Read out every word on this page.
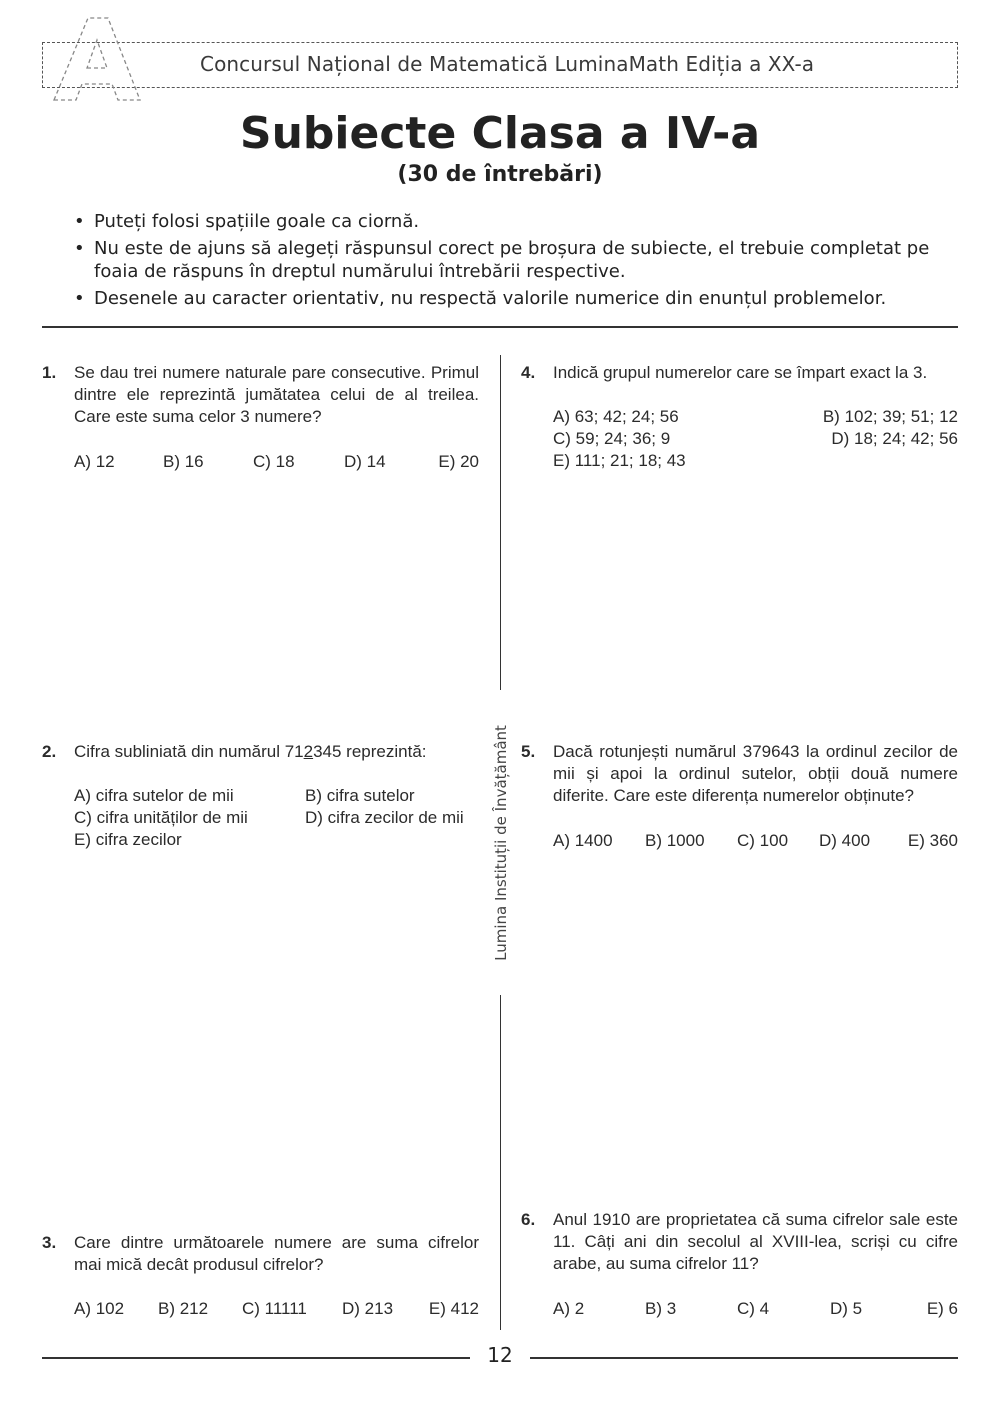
Concursul Național de Matematică LuminaMath Ediția a XX-a
Subiecte Clasa a IV-a
(30 de întrebări)
• Puteți folosi spațiile goale ca ciornă.
• Nu este de ajuns să alegeți răspunsul corect pe broșura de subiecte, el trebuie completat pe foaia de răspuns în dreptul numărului întrebării respective.
• Desenele au caracter orientativ, nu respectă valorile numerice din enunțul problemelor.
Lumina Instituții de Învățământ
1. Se dau trei numere naturale pare consecutive. Primul dintre ele reprezintă jumătatea celui de al treilea. Care este suma celor 3 numere?
A) 12	B) 16	C) 18	D) 14	E) 20
4. Indică grupul numerelor care se împart exact la 3.
A) 63; 42; 24; 56	B) 102; 39; 51; 12
C) 59; 24; 36; 9	D) 18; 24; 42; 56
E) 111; 21; 18; 43
2. Cifra subliniată din numărul 712345 reprezintă:
A) cifra sutelor de mii	B) cifra sutelor
C) cifra unităților de mii	D) cifra zecilor de mii
E) cifra zecilor
5. Dacă rotunjești numărul 379643 la ordinul zecilor de mii și apoi la ordinul sutelor, obții două numere diferite. Care este diferența numerelor obținute?
A) 1400 B) 1000 C) 100 D) 400 E) 360
6. Anul 1910 are proprietatea că suma cifrelor sale este 11. Câți ani din secolul al XVIII-lea, scriși cu cifre arabe, au suma cifrelor 11?
A) 2	B) 3	C) 4	D) 5	E) 6
3. Care dintre următoarele numere are suma cifrelor mai mică decât produsul cifrelor?
A) 102 B) 212 C) 11111 D) 213 E) 412
12
